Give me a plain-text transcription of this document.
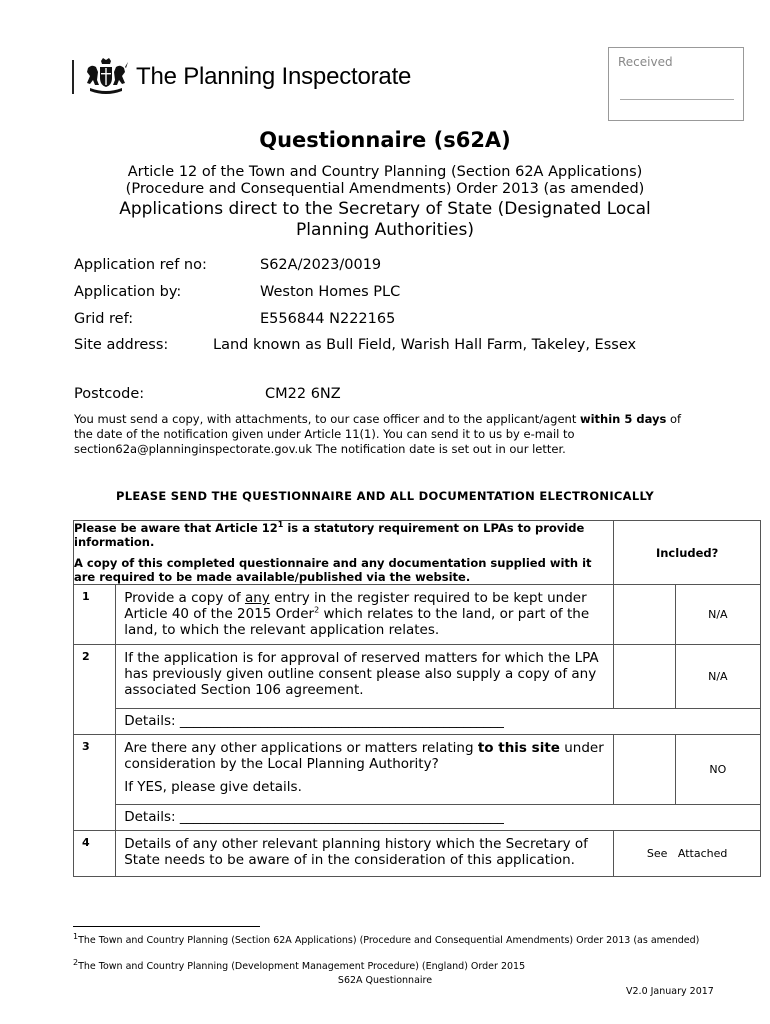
The Planning Inspectorate
Received
Questionnaire (s62A)
Article 12 of the Town and Country Planning (Section 62A Applications)
(Procedure and Consequential Amendments) Order 2013 (as amended)
Applications direct to the Secretary of State (Designated Local
Planning Authorities)
Application ref no:	S62A/2023/0019
Application by:	Weston Homes PLC
Grid ref:	E556844 N222165
Site address:	Land known as Bull Field, Warish Hall Farm, Takeley, Essex
Postcode:	CM22 6NZ
You must send a copy, with attachments, to our case officer and to the applicant/agent within 5 days of the date of the notification given under Article 11(1). You can send it to us by e-mail to section62a@planninginspectorate.gov.uk The notification date is set out in our letter.
PLEASE SEND THE QUESTIONNAIRE AND ALL DOCUMENTATION ELECTRONICALLY

Please be aware that Article $12^1$ is a statutory requirement on LPAs to provide information.

A copy of this completed questionnaire and any documentation supplied with it are required to be made available/published via the website.		Included?	
1	Provide a copy of any entry in the register required to be kept under Article 40 of the 2015 Order$^2$ which relates to the land, or part of the land, to which the relevant application relates.		N/A
2	If the application is for approval of reserved matters for which the LPA has previously given outline consent please also supply a copy of any associated Section 106 agreement.		N/A
	Details: ________________________________________________		
3	Are there any other applications or matters relating to this site under consideration by the Local Planning Authority?

If YES, please give details.		NO
	Details: ________________________________________________		
4	Details of any other relevant planning history which the Secretary of State needs to be aware of in the consideration of this application.	See   Attached	
$^1$The Town and Country Planning (Section 62A Applications) (Procedure and Consequential Amendments) Order 2013 (as amended)
$^2$The Town and Country Planning (Development Management Procedure) (England) Order 2015
S62A Questionnaire
V2.0 January 2017
